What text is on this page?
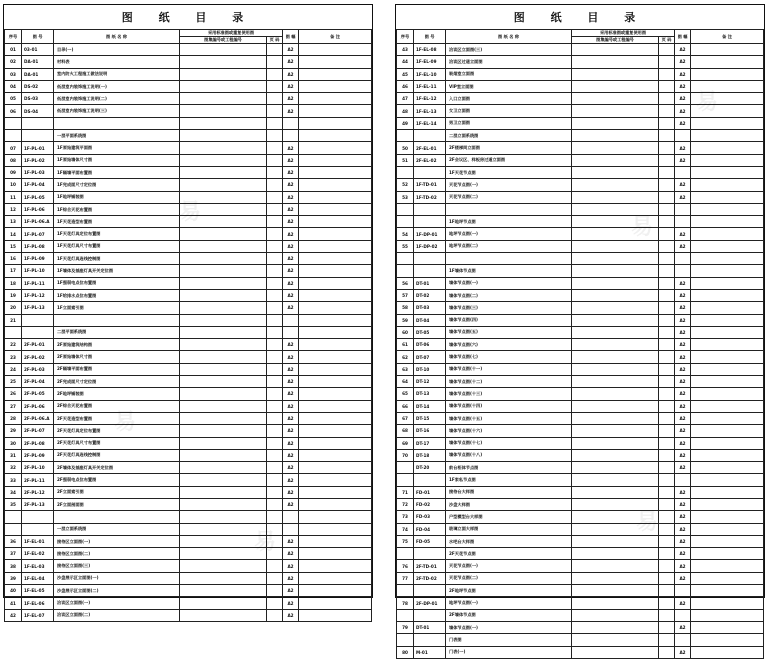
图 纸 目 录
序号	图 号	图 纸 名 称	采用标准图或重复使用图		图 幅	备 注
			图集编号或工程编号	页 码		
01	03-01	目录(一)			A2	
02	DA-01	材料表			A2	
03	DA-01	室内防火工程施工做法说明			A2	
04	DS-02	低层室内装饰施工说明(一)			A2	
05	DS-03	低层室内装饰施工说明(二)			A2	
06	DS-04	低层室内装饰施工说明(三)			A2	

		一层平面系统图				
07	1F-PL-01	1F原始建筑平面图			A2	
08	1F-PL-02	1F原始墙体尺寸图			A2	
09	1F-PL-03	1F隔墙平面布置图			A2	
10	1F-PL-04	1F完成面尺寸定位图			A2	
11	1F-PL-05	1F地坪铺装图			A2	
12	1F-PL-06	1F综合天花布置图			A2	
13	1F-PL-06.A	1F天花造型布置图			A2	
14	1F-PL-07	1F天花灯具定位布置图			A2	
15	1F-PL-08	1F天花灯具尺寸布置图			A2	
16	1F-PL-09	1F天花灯具连线控制图			A2	
17	1F-PL-10	1F墙体及插座灯具开关定位图			A2	
18	1F-PL-11	1F强弱电点位布置图			A2	
19	1F-PL-12	1F给排水点位布置图			A2	
20	1F-PL-13	1F立面索引图			A2	
21						
		二层平面系统图				
22	2F-PL-01	2F原始建筑结构图			A2	
23	2F-PL-02	2F原始墙体尺寸图			A2	
24	2F-PL-03	2F隔墙平面布置图			A2	
25	2F-PL-04	2F完成面尺寸定位图			A2	
26	2F-PL-05	2F地坪铺装图			A2	
27	2F-PL-06	2F综合天花布置图			A2	
28	2F-PL-06.A	2F天花造型布置图			A2	
29	2F-PL-07	2F天花灯具定位布置图			A2	
30	2F-PL-08	2F天花灯具尺寸布置图			A2	
31	2F-PL-09	2F天花灯具连线控制图			A2	
32	2F-PL-10	2F墙体及插座灯具开关定位图			A2	
33	2F-PL-11	2F强弱电点位布置图			A2	
34	2F-PL-12	2F立面索引图			A2	
35	2F-PL-13	2F立面剖面图			A2	

		一层立面系统图				
36	1F-EL-01	接待区立面图(一)			A2	
37	1F-EL-02	接待区立面图(二)			A2	
38	1F-EL-03	接待区立面图(三)			A2	
39	1F-EL-04	沙盘展示区立面图(一)			A2	
40	1F-EL-05	沙盘展示区立面图(二)			A2	
41	1F-EL-06	洽谈区立面图(一)			A2	
42	1F-EL-07	洽谈区立面图(二)			A2	
易
易
易
图 纸 目 录
序号	图 号	图 纸 名 称	采用标准图或重复使用图		图 幅	备 注
			图集编号或工程编号	页 码		
43	1F-EL-08	洽谈区立面图(三)			A2	
44	1F-EL-09	洽谈区过道立面图			A2	
45	1F-EL-10	吸烟室立面图			A2	
46	1F-EL-11	VIP室立面图			A2	
47	1F-EL-12	入口立面图			A2	
48	1F-EL-13	女卫立面图			A2	
49	1F-EL-14	男卫立面图			A2	
		二层立面系统图				
50	2F-EL-01	2F楼梯间立面图			A2	
51	2F-EL-02	2F会议区、样板房过道立面图			A2	
		1F天花节点图				
52	1F-TD-01	天花节点图(一)			A2	
53	1F-TD-02	天花节点图(二)			A2	

		1F地坪节点图				
54	1F-DP-01	地坪节点图(一)			A2	
55	1F-DP-02	地坪节点图(二)			A2	

		1F墙体节点图				
56	DT-01	墙体节点图(一)			A2	
57	DT-02	墙体节点图(二)			A2	
58	DT-03	墙体节点图(三)			A2	
59	DT-04	墙体节点图(四)			A2	
60	DT-05	墙体节点图(五)			A2	
61	DT-06	墙体节点图(六)			A2	
62	DT-07	墙体节点图(七)			A2	
63	DT-10	墙体节点图(十一)			A2	
64	DT-12	墙体节点图(十二)			A2	
65	DT-13	墙体节点图(十三)			A2	
66	DT-14	墙体节点图(十四)			A2	
67	DT-15	墙体节点图(十五)			A2	
68	DT-16	墙体节点图(十六)			A2	
69	DT-17	墙体节点图(十七)			A2	
70	DT-18	墙体节点图(十八)			A2	
	DT-20	前台柜体节点图			A2	
		1F家私节点图				
71	FD-01	接待台大样图			A2	
72	FD-02	沙盘大样图			A2	
73	FD-03	户型模型台大样图			A2	
74	FD-04	玻璃立面大样图			A2	
75	FD-05	水吧台大样图			A2	
		2F天花节点图			A2	
76	2F-TD-01	天花节点图(一)			A2	
77	2F-TD-02	天花节点图(二)			A2	
		2F地坪节点图				
78	2F-DP-01	地坪节点图(一)			A2	
		2F墙体节点图				
79	DT-01	墙体节点图(一)			A2	
		门表图				
80	M-01	门表(一)			A2	
易
易
易
